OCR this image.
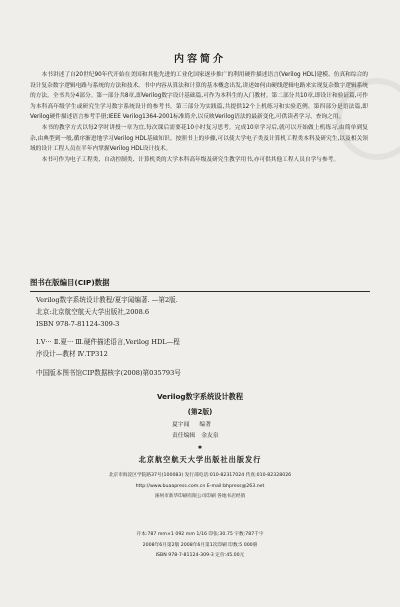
内容简介

本书讲述了自20世纪90年代开始在美国和其他先进的工业化国家逐步推广的利用硬件描述语言(Verilog HDL)建模、仿真和综合的设计复杂数字逻辑电路与系统的方法和技术。书中内容从算法和计算的基本概念出发,讲述如何由硬线逻辑电路来实现复杂数字逻辑系统的方法。全书共分4部分。第一部分共8章,即Verilog数字设计基础篇,可作为本科生的入门教材。第二部分共10章,即设计和验证篇,可作为本科高年级学生或研究生学习数字系统设计的参考书。第三部分为实践篇,共提供12个上机练习和实验范例。第四部分是语法篇,即Verilog硬件描述语言参考手册;IEEE Verilog1364-2001标准简介,以反映Verilog语法的最新变化,可供读者学习、查询之用。

本书的教学方式以每2学时讲授一章为宜,每次课后需要花10小时复习思考。完成10章学习后,就可以开始做上机练习,由简单到复杂,由典型到一般,循序渐进地学习Verilog HDL基础知识。按照书上的步骤,可以使大学电子类及计算机工程类本科及研究生,以及相关领域的设计工程人员在半年内掌握Verilog HDL设计技术。

本书可作为电子工程类、自动控制类、计算机类的大学本科高年级及研究生教学用书,亦可供其他工程人员自学与参考。

图书在版编目(CIP)数据
Verilog数字系统设计教程/夏宇闻编著. —第2版.
北京:北京航空航天大学出版社,2008.6
ISBN 978-7-81124-309-3
Ⅰ.V··· Ⅱ.夏··· Ⅲ.硬件描述语言,Verilog HDL—程
序设计—教材 Ⅳ.TP312
中国版本图书馆CIP数据核字(2008)第035793号
Verilog数字系统设计教程
(第2版)
夏宇闻 编著
责任编辑 金友泉
✱
北京航空航天大学出版社出版发行
北京市海淀区学院路37号(100083) 发行部电话:010-82317024 传真:010-82328026
http://www.buaapress.com.cn E-mail:bhpress@263.net
涿州市新华印刷有限公司印刷 各地书店经销
开本:787 mm×1 092 mm 1/16 印张:30.75 字数:787千字
2008年6月第2版 2008年6月第1次印刷 印数:5 000册
ISBN 978-7-81124-309-3 定价:45.00元
